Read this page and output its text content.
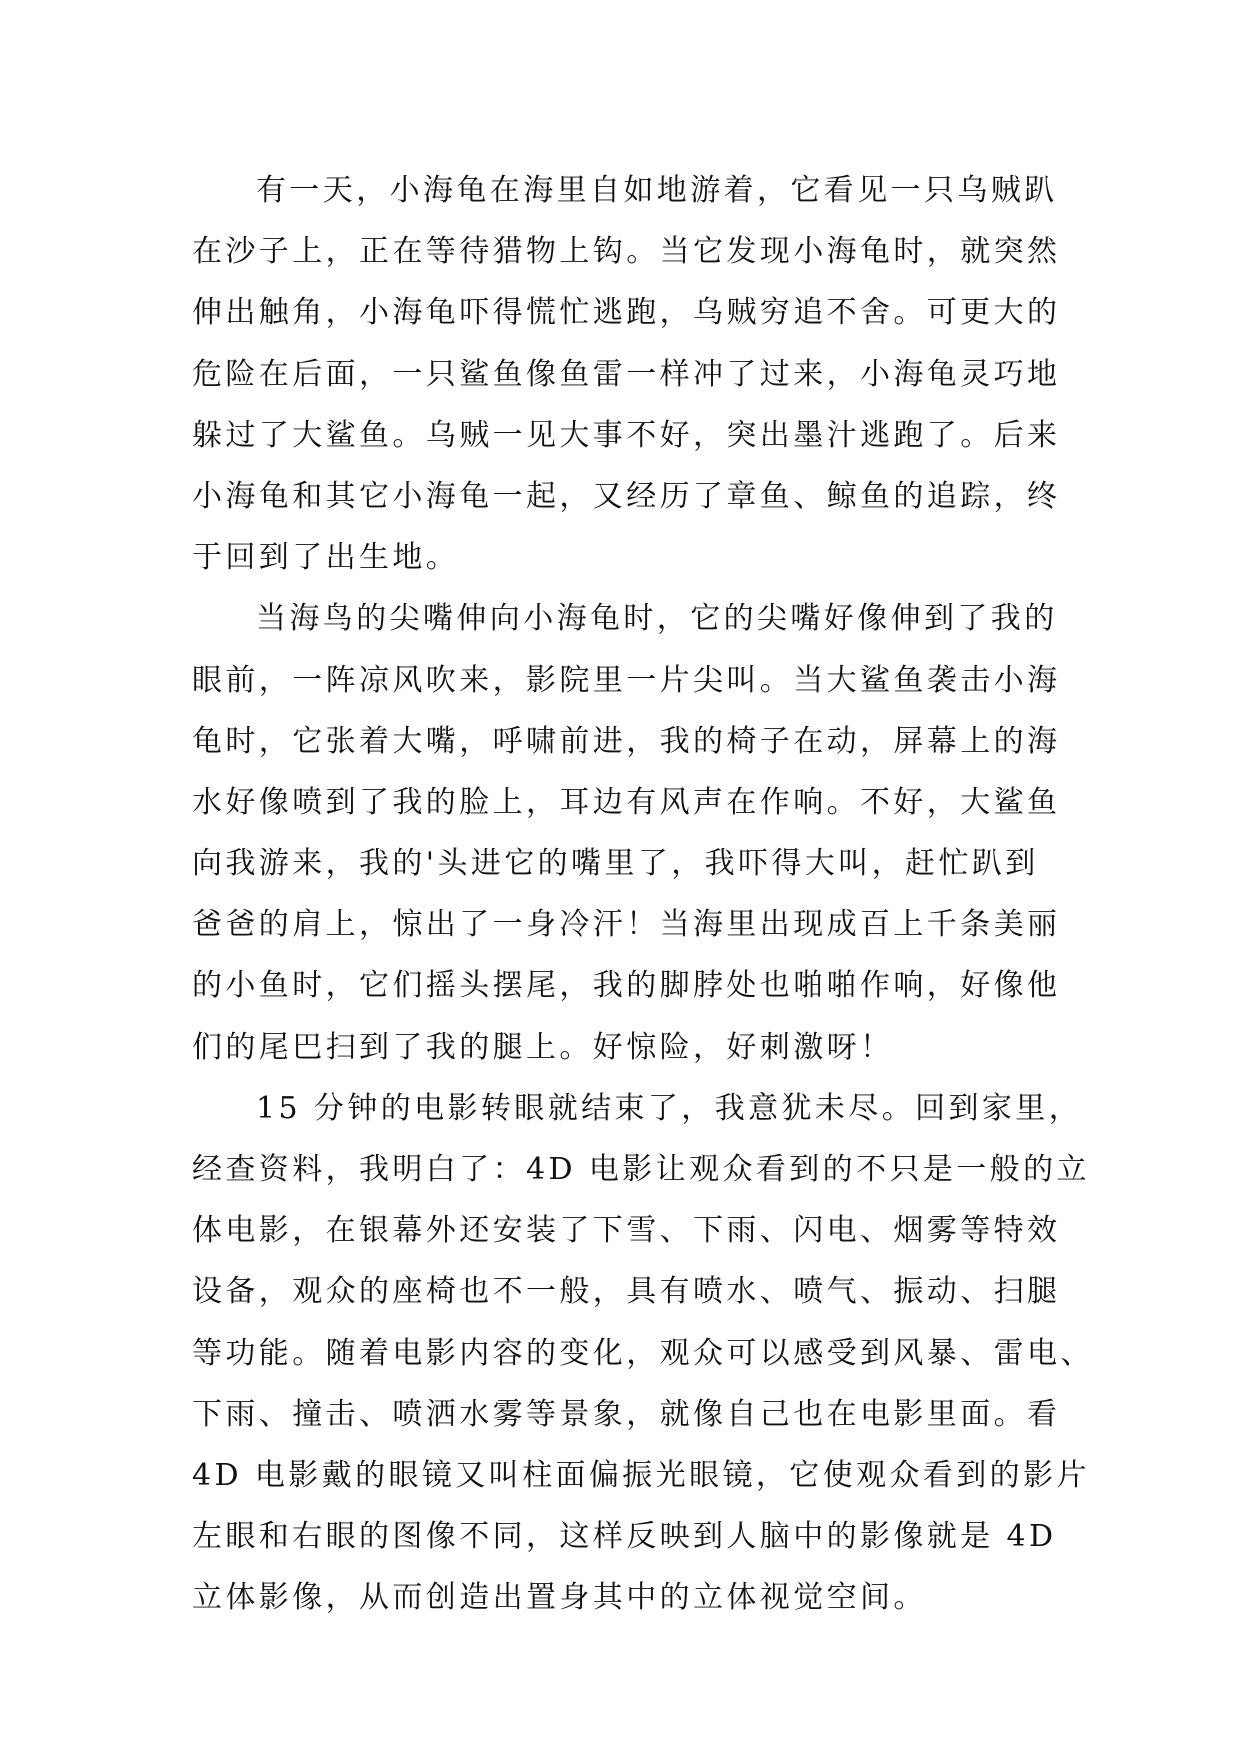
有一天，小海龟在海里自如地游着，它看见一只乌贼趴
在沙子上，正在等待猎物上钩。当它发现小海龟时，就突然
伸出触角，小海龟吓得慌忙逃跑，乌贼穷追不舍。可更大的
危险在后面，一只鲨鱼像鱼雷一样冲了过来，小海龟灵巧地
躲过了大鲨鱼。乌贼一见大事不好，突出墨汁逃跑了。后来
小海龟和其它小海龟一起，又经历了章鱼、鲸鱼的追踪，终
于回到了出生地。
当海鸟的尖嘴伸向小海龟时，它的尖嘴好像伸到了我的
眼前，一阵凉风吹来，影院里一片尖叫。当大鲨鱼袭击小海
龟时，它张着大嘴，呼啸前进，我的椅子在动，屏幕上的海
水好像喷到了我的脸上，耳边有风声在作响。不好，大鲨鱼
向我游来，我的'头进它的嘴里了，我吓得大叫，赶忙趴到
爸爸的肩上，惊出了一身冷汗！当海里出现成百上千条美丽
的小鱼时，它们摇头摆尾，我的脚脖处也啪啪作响，好像他
们的尾巴扫到了我的腿上。好惊险，好刺激呀！
15 分钟的电影转眼就结束了，我意犹未尽。回到家里，
经查资料，我明白了：4D 电影让观众看到的不只是一般的立
体电影，在银幕外还安装了下雪、下雨、闪电、烟雾等特效
设备，观众的座椅也不一般，具有喷水、喷气、振动、扫腿
等功能。随着电影内容的变化，观众可以感受到风暴、雷电、
下雨、撞击、喷洒水雾等景象，就像自己也在电影里面。看
4D 电影戴的眼镜又叫柱面偏振光眼镜，它使观众看到的影片
左眼和右眼的图像不同，这样反映到人脑中的影像就是 4D
立体影像，从而创造出置身其中的立体视觉空间。
